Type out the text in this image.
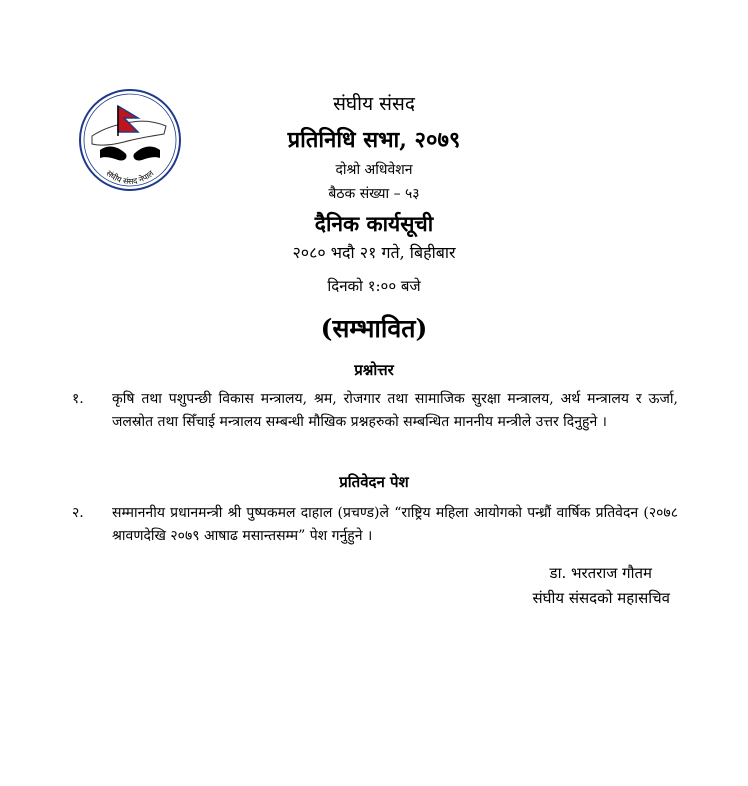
संघीय संसद नेपाल
संघीय संसद
प्रतिनिधि सभा, २०७९
दोश्रो अधिवेशन
बैठक संख्या – ५३
दैनिक कार्यसूची
२०८० भदौ २१ गते, बिहीबार
दिनको १:०० बजे
(सम्भावित)
प्रश्नोत्तर
१.	कृषि तथा पशुपन्छी विकास मन्त्रालय, श्रम, रोजगार तथा सामाजिक सुरक्षा मन्त्रालय, अर्थ मन्त्रालय र ऊर्जा, जलस्रोत तथा सिँचाई मन्त्रालय सम्बन्धी मौखिक प्रश्नहरुको सम्बन्धित माननीय मन्त्रीले उत्तर दिनुहुने ।
प्रतिवेदन पेश
२.	सम्माननीय प्रधानमन्त्री श्री पुष्पकमल दाहाल (प्रचण्ड)ले “राष्ट्रिय महिला आयोगको पन्ध्रौं वार्षिक प्रतिवेदन (२०७८ श्रावणदेखि २०७९ आषाढ मसान्तसम्म” पेश गर्नुहुने ।
डा. भरतराज गौतम
संघीय संसदको महासचिव
